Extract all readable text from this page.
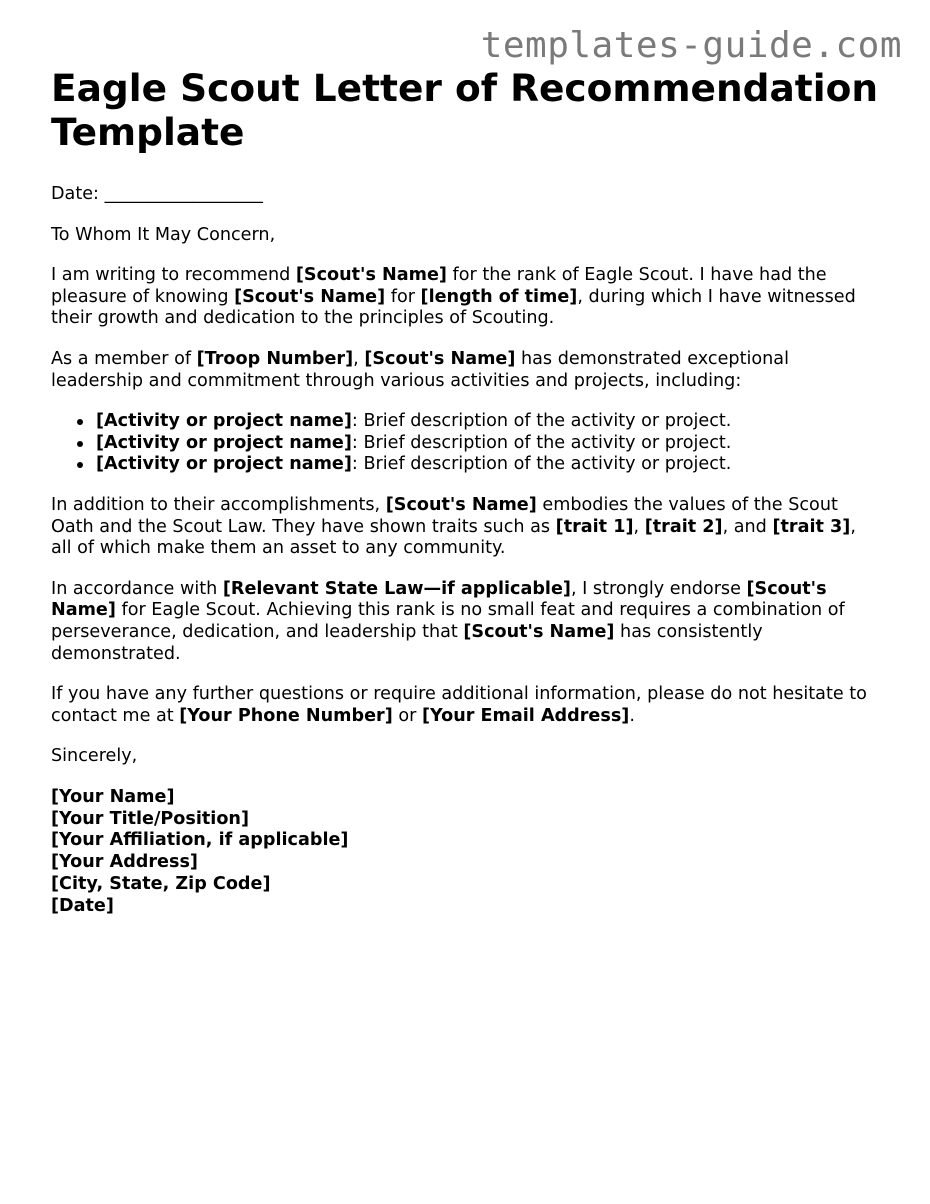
templates-guide.com
Eagle Scout Letter of Recommendation Template

Date: __________________

To Whom It May Concern,

I am writing to recommend [Scout's Name] for the rank of Eagle Scout. I have had the pleasure of knowing [Scout's Name] for [length of time], during which I have witnessed their growth and dedication to the principles of Scouting.

As a member of [Troop Number], [Scout's Name] has demonstrated exceptional leadership and commitment through various activities and projects, including:

[Activity or project name]: Brief description of the activity or project.
[Activity or project name]: Brief description of the activity or project.
[Activity or project name]: Brief description of the activity or project.

In addition to their accomplishments, [Scout's Name] embodies the values of the Scout Oath and the Scout Law. They have shown traits such as [trait 1], [trait 2], and [trait 3], all of which make them an asset to any community.

In accordance with [Relevant State Law—if applicable], I strongly endorse [Scout's Name] for Eagle Scout. Achieving this rank is no small feat and requires a combination of perseverance, dedication, and leadership that [Scout's Name] has consistently demonstrated.

If you have any further questions or require additional information, please do not hesitate to contact me at [Your Phone Number] or [Your Email Address].

Sincerely,

[Your Name]
[Your Title/Position]
[Your Affiliation, if applicable]
[Your Address]
[City, State, Zip Code]
[Date]
